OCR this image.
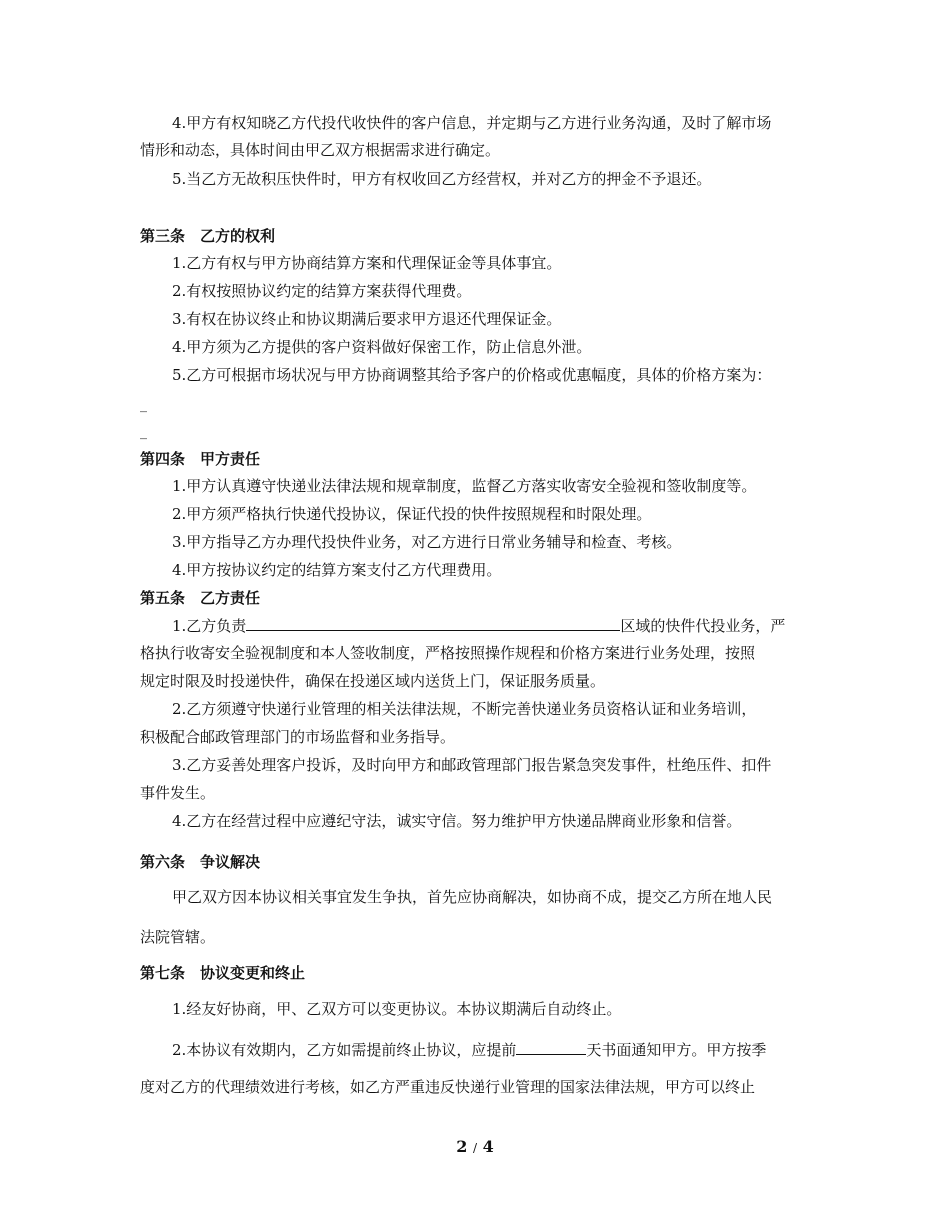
4.甲方有权知晓乙方代投代收快件的客户信息，并定期与乙方进行业务沟通，及时了解市场
情形和动态，具体时间由甲乙双方根据需求进行确定。
5.当乙方无故积压快件时，甲方有权收回乙方经营权，并对乙方的押金不予退还。
第三条　乙方的权利
1.乙方有权与甲方协商结算方案和代理保证金等具体事宜。
2.有权按照协议约定的结算方案获得代理费。
3.有权在协议终止和协议期满后要求甲方退还代理保证金。
4.甲方须为乙方提供的客户资料做好保密工作，防止信息外泄。
5.乙方可根据市场状况与甲方协商调整其给予客户的价格或优惠幅度，具体的价格方案为：
_
_
第四条　甲方责任
1.甲方认真遵守快递业法律法规和规章制度，监督乙方落实收寄安全验视和签收制度等。
2.甲方须严格执行快递代投协议，保证代投的快件按照规程和时限处理。
3.甲方指导乙方办理代投快件业务，对乙方进行日常业务辅导和检查、考核。
4.甲方按协议约定的结算方案支付乙方代理费用。
第五条　乙方责任
1.乙方负责	区域的快件代投业务，严
格执行收寄安全验视制度和本人签收制度，严格按照操作规程和价格方案进行业务处理，按照
规定时限及时投递快件，确保在投递区域内送货上门，保证服务质量。
2.乙方须遵守快递行业管理的相关法律法规，不断完善快递业务员资格认证和业务培训，
积极配合邮政管理部门的市场监督和业务指导。
3.乙方妥善处理客户投诉，及时向甲方和邮政管理部门报告紧急突发事件，杜绝压件、扣件
事件发生。
4.乙方在经营过程中应遵纪守法，诚实守信。努力维护甲方快递品牌商业形象和信誉。
第六条　争议解决
甲乙双方因本协议相关事宜发生争执，首先应协商解决，如协商不成，提交乙方所在地人民
法院管辖。
第七条　协议变更和终止
1.经友好协商，甲、乙双方可以变更协议。本协议期满后自动终止。
2.本协议有效期内，乙方如需提前终止协议，应提前	天书面通知甲方。甲方按季
度对乙方的代理绩效进行考核，如乙方严重违反快递行业管理的国家法律法规，甲方可以终止
2 / 4
